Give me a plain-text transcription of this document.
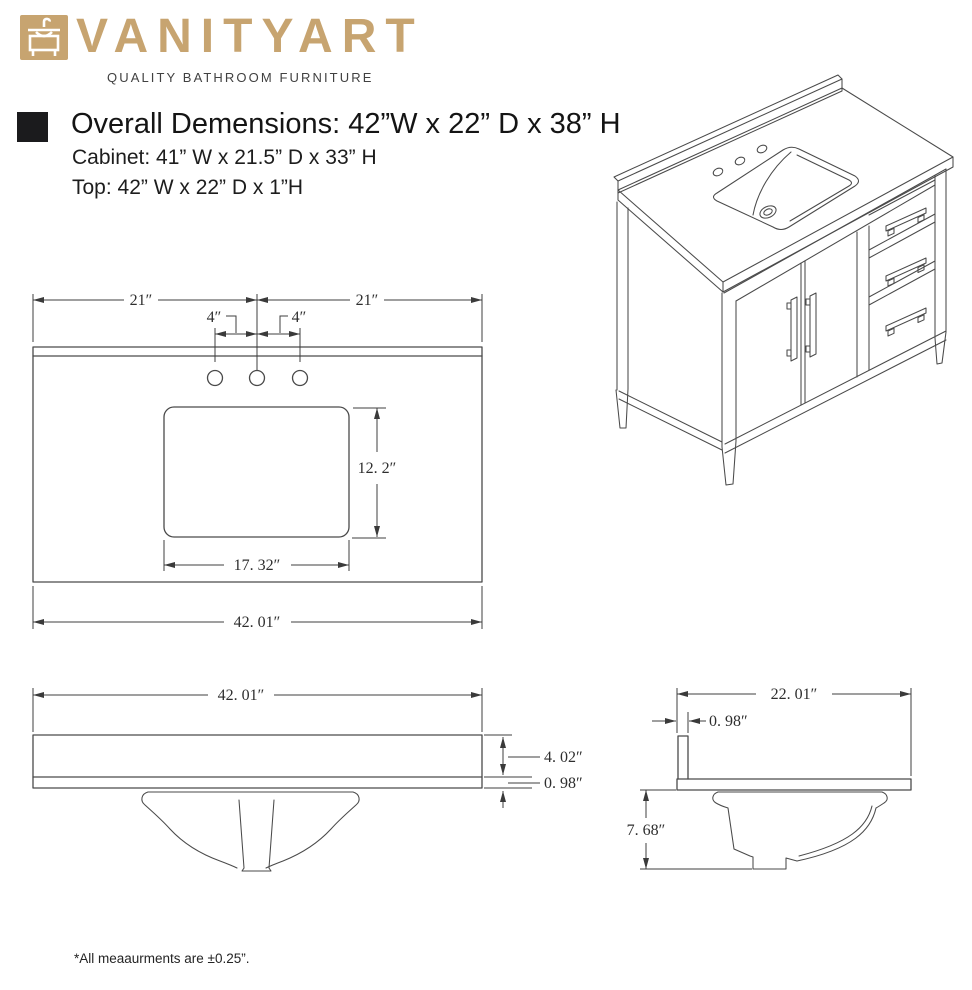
VANITYART
QUALITY BATHROOM FURNITURE
Overall Demensions: 42”W x 22” D x 38” H
Cabinet: 41” W x 21.5” D x 33” H
Top: 42” W x 22” D x 1”H
21″	21″
4″	4″
12. 2″
17. 32″
42. 01″
42. 01″
4. 02″
0. 98″
22. 01″
0. 98″
7. 68″
*All meaaurments are ±0.25”.
